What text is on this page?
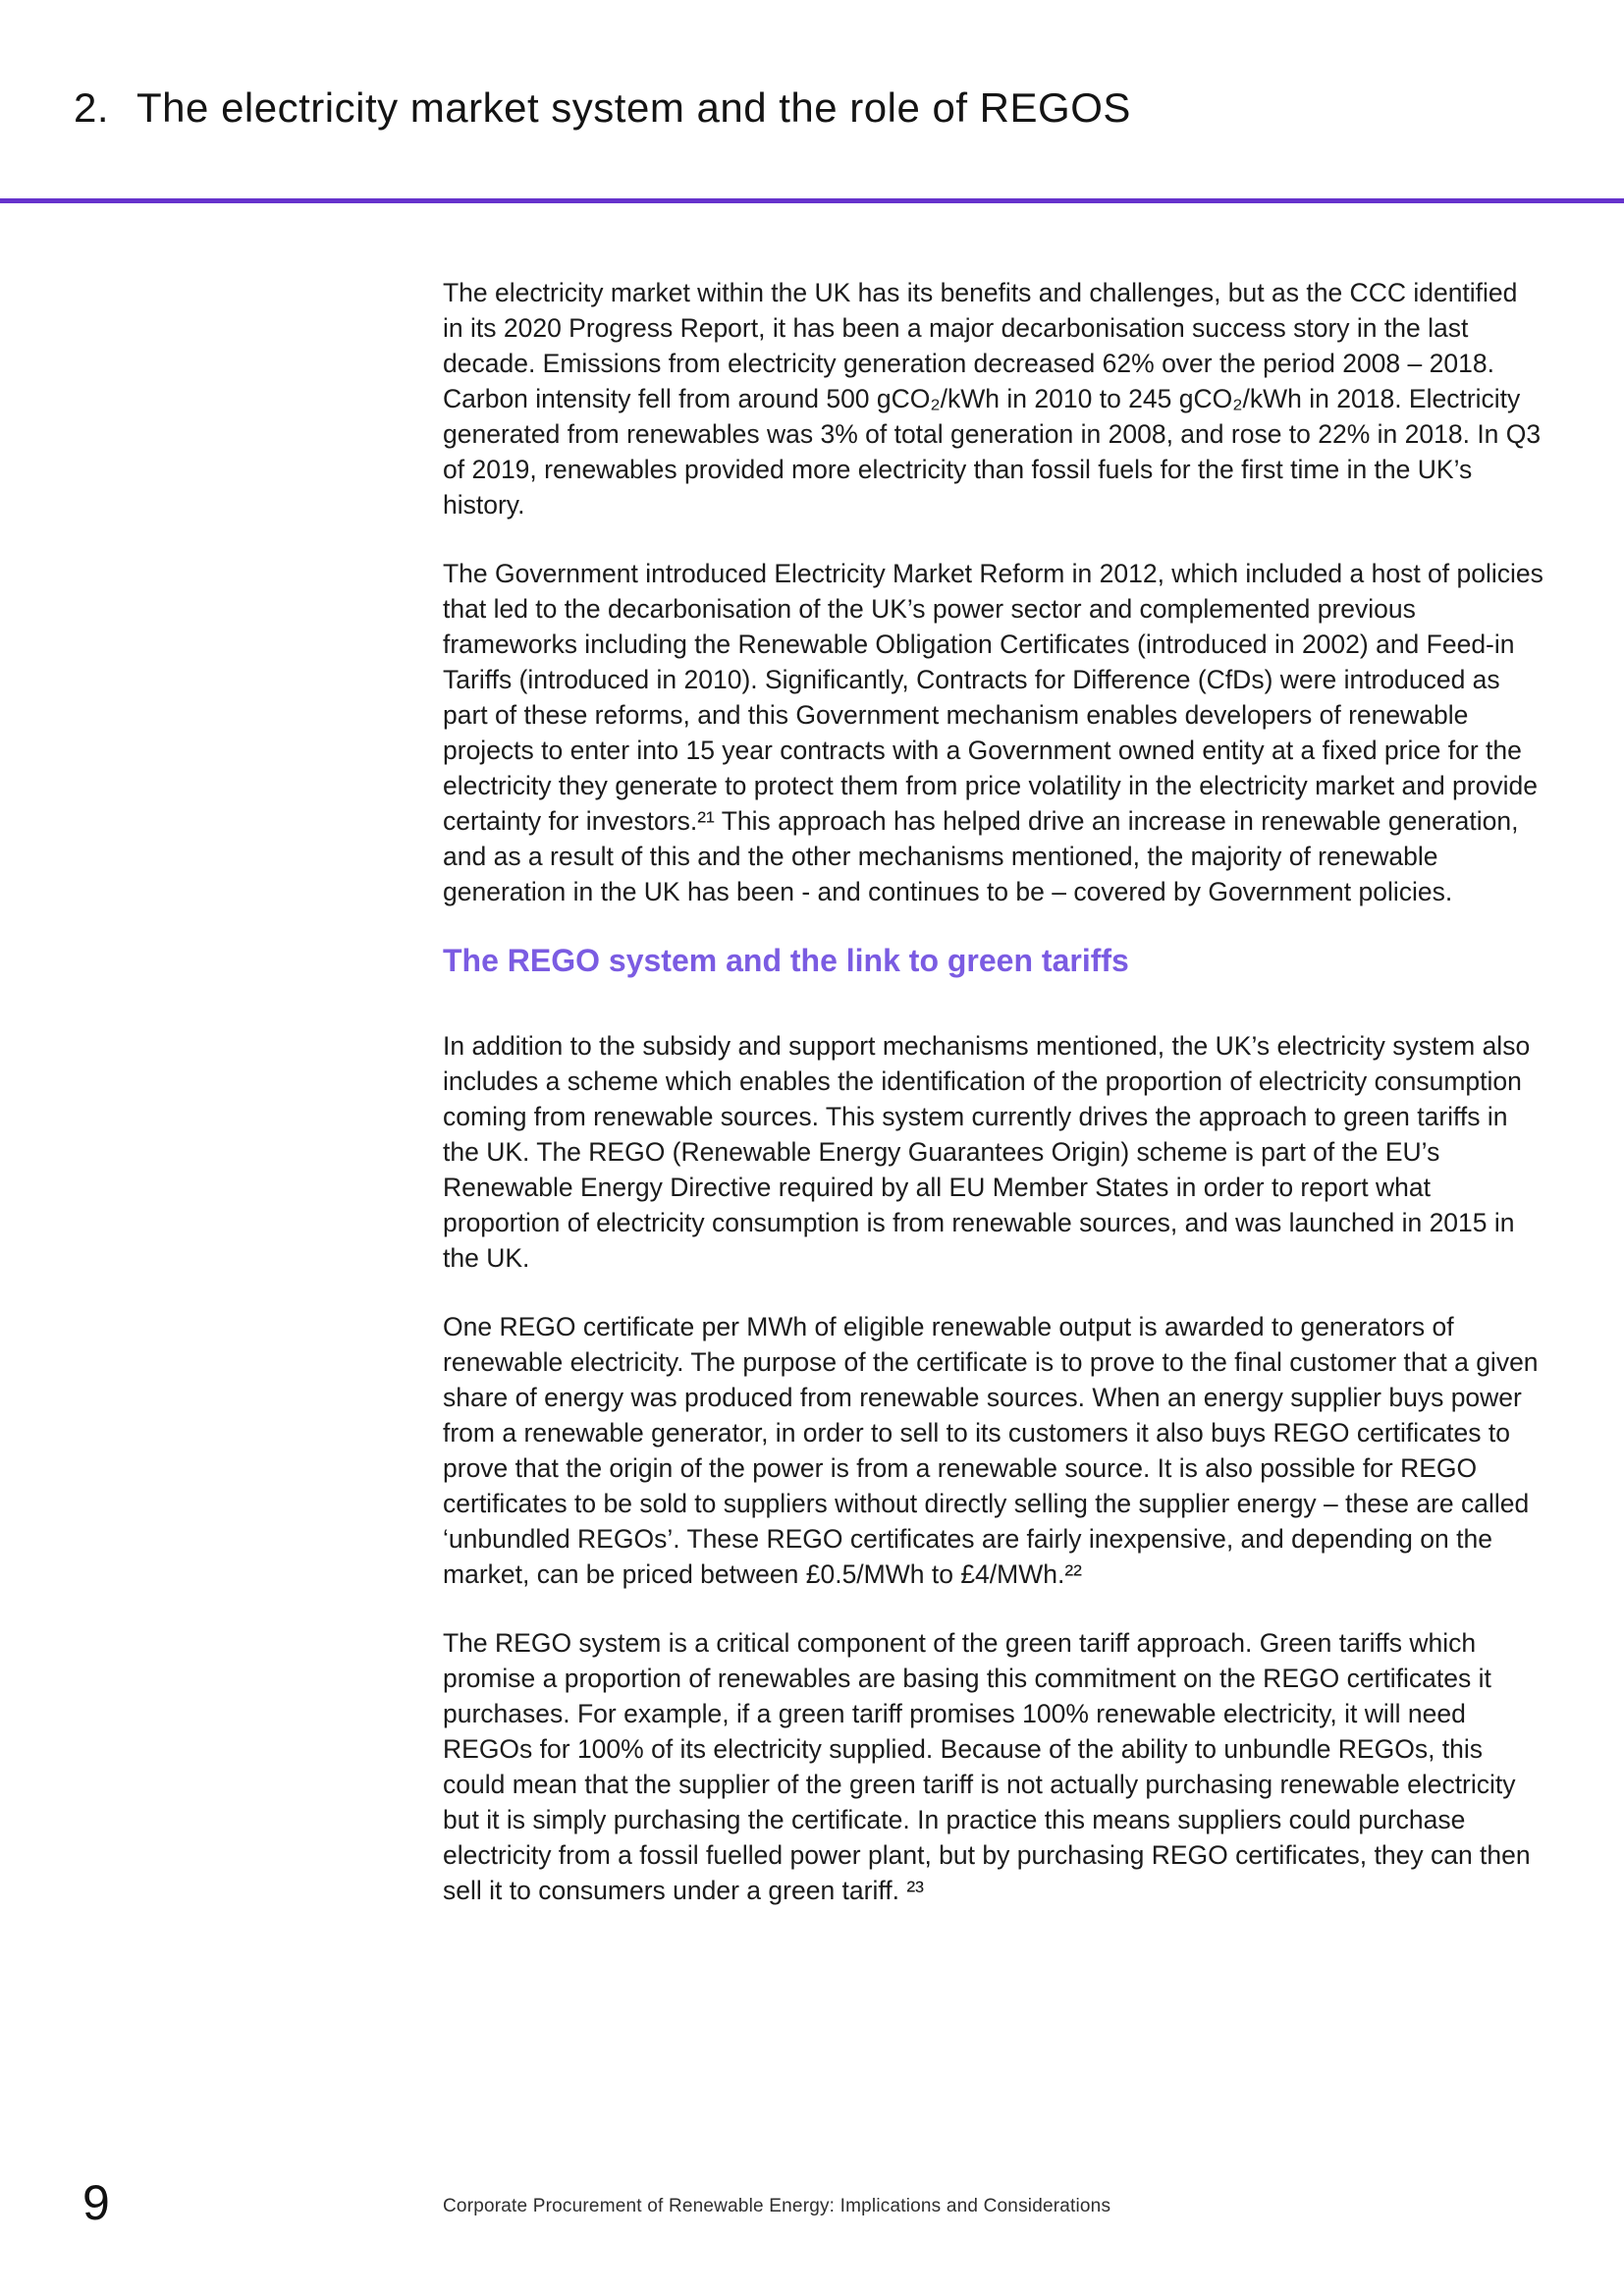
2. The electricity market system and the role of REGOS

The electricity market within the UK has its benefits and challenges, but as the CCC identified in its 2020 Progress Report, it has been a major decarbonisation success story in the last decade. Emissions from electricity generation decreased 62% over the period 2008 – 2018. Carbon intensity fell from around 500 gCO₂/kWh in 2010 to 245 gCO₂/kWh in 2018. Electricity generated from renewables was 3% of total generation in 2008, and rose to 22% in 2018. In Q3 of 2019, renewables provided more electricity than fossil fuels for the first time in the UK’s history.

The Government introduced Electricity Market Reform in 2012, which included a host of policies that led to the decarbonisation of the UK’s power sector and complemented previous frameworks including the Renewable Obligation Certificates (introduced in 2002) and Feed-in Tariffs (introduced in 2010). Significantly, Contracts for Difference (CfDs) were introduced as part of these reforms, and this Government mechanism enables developers of renewable projects to enter into 15 year contracts with a Government owned entity at a fixed price for the electricity they generate to protect them from price volatility in the electricity market and provide certainty for investors.²¹ This approach has helped drive an increase in renewable generation, and as a result of this and the other mechanisms mentioned, the majority of renewable generation in the UK has been - and continues to be – covered by Government policies.

The REGO system and the link to green tariffs

In addition to the subsidy and support mechanisms mentioned, the UK’s electricity system also includes a scheme which enables the identification of the proportion of electricity consumption coming from renewable sources. This system currently drives the approach to green tariffs in the UK. The REGO (Renewable Energy Guarantees Origin) scheme is part of the EU’s Renewable Energy Directive required by all EU Member States in order to report what proportion of electricity consumption is from renewable sources, and was launched in 2015 in the UK.

One REGO certificate per MWh of eligible renewable output is awarded to generators of renewable electricity. The purpose of the certificate is to prove to the final customer that a given share of energy was produced from renewable sources. When an energy supplier buys power from a renewable generator, in order to sell to its customers it also buys REGO certificates to prove that the origin of the power is from a renewable source. It is also possible for REGO certificates to be sold to suppliers without directly selling the supplier energy – these are called ‘unbundled REGOs’. These REGO certificates are fairly inexpensive, and depending on the market, can be priced between £0.5/MWh to £4/MWh.²²

The REGO system is a critical component of the green tariff approach. Green tariffs which promise a proportion of renewables are basing this commitment on the REGO certificates it purchases. For example, if a green tariff promises 100% renewable electricity, it will need REGOs for 100% of its electricity supplied. Because of the ability to unbundle REGOs, this could mean that the supplier of the green tariff is not actually purchasing renewable electricity but it is simply purchasing the certificate. In practice this means suppliers could purchase electricity from a fossil fuelled power plant, but by purchasing REGO certificates, they can then sell it to consumers under a green tariff. ²³

9	Corporate Procurement of Renewable Energy: Implications and Considerations
